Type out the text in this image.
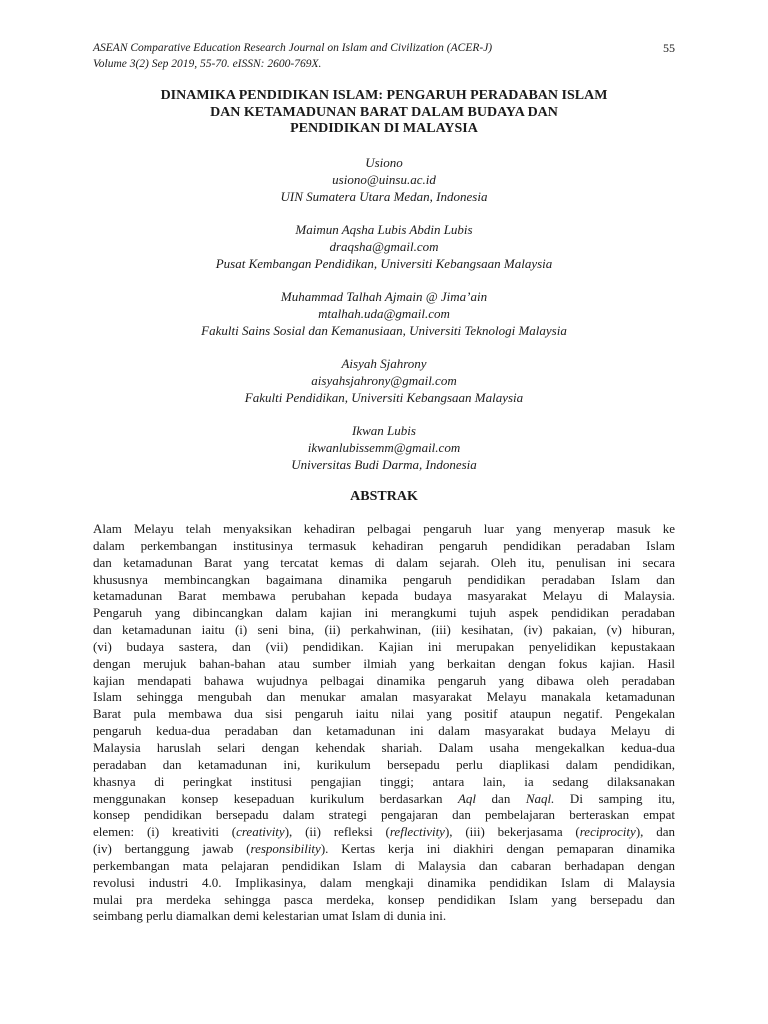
ASEAN Comparative Education Research Journal on Islam and Civilization (ACER-J)
Volume 3(2) Sep 2019, 55-70. eISSN: 2600-769X.
55
DINAMIKA PENDIDIKAN ISLAM: PENGARUH PERADABAN ISLAM
DAN KETAMADUNAN BARAT DALAM BUDAYA DAN
PENDIDIKAN DI MALAYSIA
Usiono
usiono@uinsu.ac.id
UIN Sumatera Utara Medan, Indonesia
Maimun Aqsha Lubis Abdin Lubis
draqsha@gmail.com
Pusat Kembangan Pendidikan, Universiti Kebangsaan Malaysia
Muhammad Talhah Ajmain @ Jima’ain
mtalhah.uda@gmail.com
Fakulti Sains Sosial dan Kemanusiaan, Universiti Teknologi Malaysia
Aisyah Sjahrony
aisyahsjahrony@gmail.com
Fakulti Pendidikan, Universiti Kebangsaan Malaysia
Ikwan Lubis
ikwanlubissemm@gmail.com
Universitas Budi Darma, Indonesia
ABSTRAK
Alam Melayu telah menyaksikan kehadiran pelbagai pengaruh luar yang menyerap masuk ke
dalam perkembangan institusinya termasuk kehadiran pengaruh pendidikan peradaban Islam
dan ketamadunan Barat yang tercatat kemas di dalam sejarah. Oleh itu, penulisan ini secara
khususnya membincangkan bagaimana dinamika pengaruh pendidikan peradaban Islam dan
ketamadunan Barat membawa perubahan kepada budaya masyarakat Melayu di Malaysia.
Pengaruh yang dibincangkan dalam kajian ini merangkumi tujuh aspek pendidikan peradaban
dan ketamadunan iaitu (i) seni bina, (ii) perkahwinan, (iii) kesihatan, (iv) pakaian, (v) hiburan,
(vi) budaya sastera, dan (vii) pendidikan. Kajian ini merupakan penyelidikan kepustakaan
dengan merujuk bahan-bahan atau sumber ilmiah yang berkaitan dengan fokus kajian. Hasil
kajian mendapati bahawa wujudnya pelbagai dinamika pengaruh yang dibawa oleh peradaban
Islam sehingga mengubah dan menukar amalan masyarakat Melayu manakala ketamadunan
Barat pula membawa dua sisi pengaruh iaitu nilai yang positif ataupun negatif. Pengekalan
pengaruh kedua-dua peradaban dan ketamadunan ini dalam masyarakat budaya Melayu di
Malaysia haruslah selari dengan kehendak shariah. Dalam usaha mengekalkan kedua-dua
peradaban dan ketamadunan ini, kurikulum bersepadu perlu diaplikasi dalam pendidikan,
khasnya di peringkat institusi pengajian tinggi; antara lain, ia sedang dilaksanakan
menggunakan konsep kesepaduan kurikulum berdasarkan Aql dan Naql. Di samping itu,
konsep pendidikan bersepadu dalam strategi pengajaran dan pembelajaran berteraskan empat
elemen: (i) kreativiti (creativity), (ii) refleksi (reflectivity), (iii) bekerjasama (reciprocity), dan
(iv) bertanggung jawab (responsibility). Kertas kerja ini diakhiri dengan pemaparan dinamika
perkembangan mata pelajaran pendidikan Islam di Malaysia dan cabaran berhadapan dengan
revolusi industri 4.0. Implikasinya, dalam mengkaji dinamika pendidikan Islam di Malaysia
mulai pra merdeka sehingga pasca merdeka, konsep pendidikan Islam yang bersepadu dan
seimbang perlu diamalkan demi kelestarian umat Islam di dunia ini.
